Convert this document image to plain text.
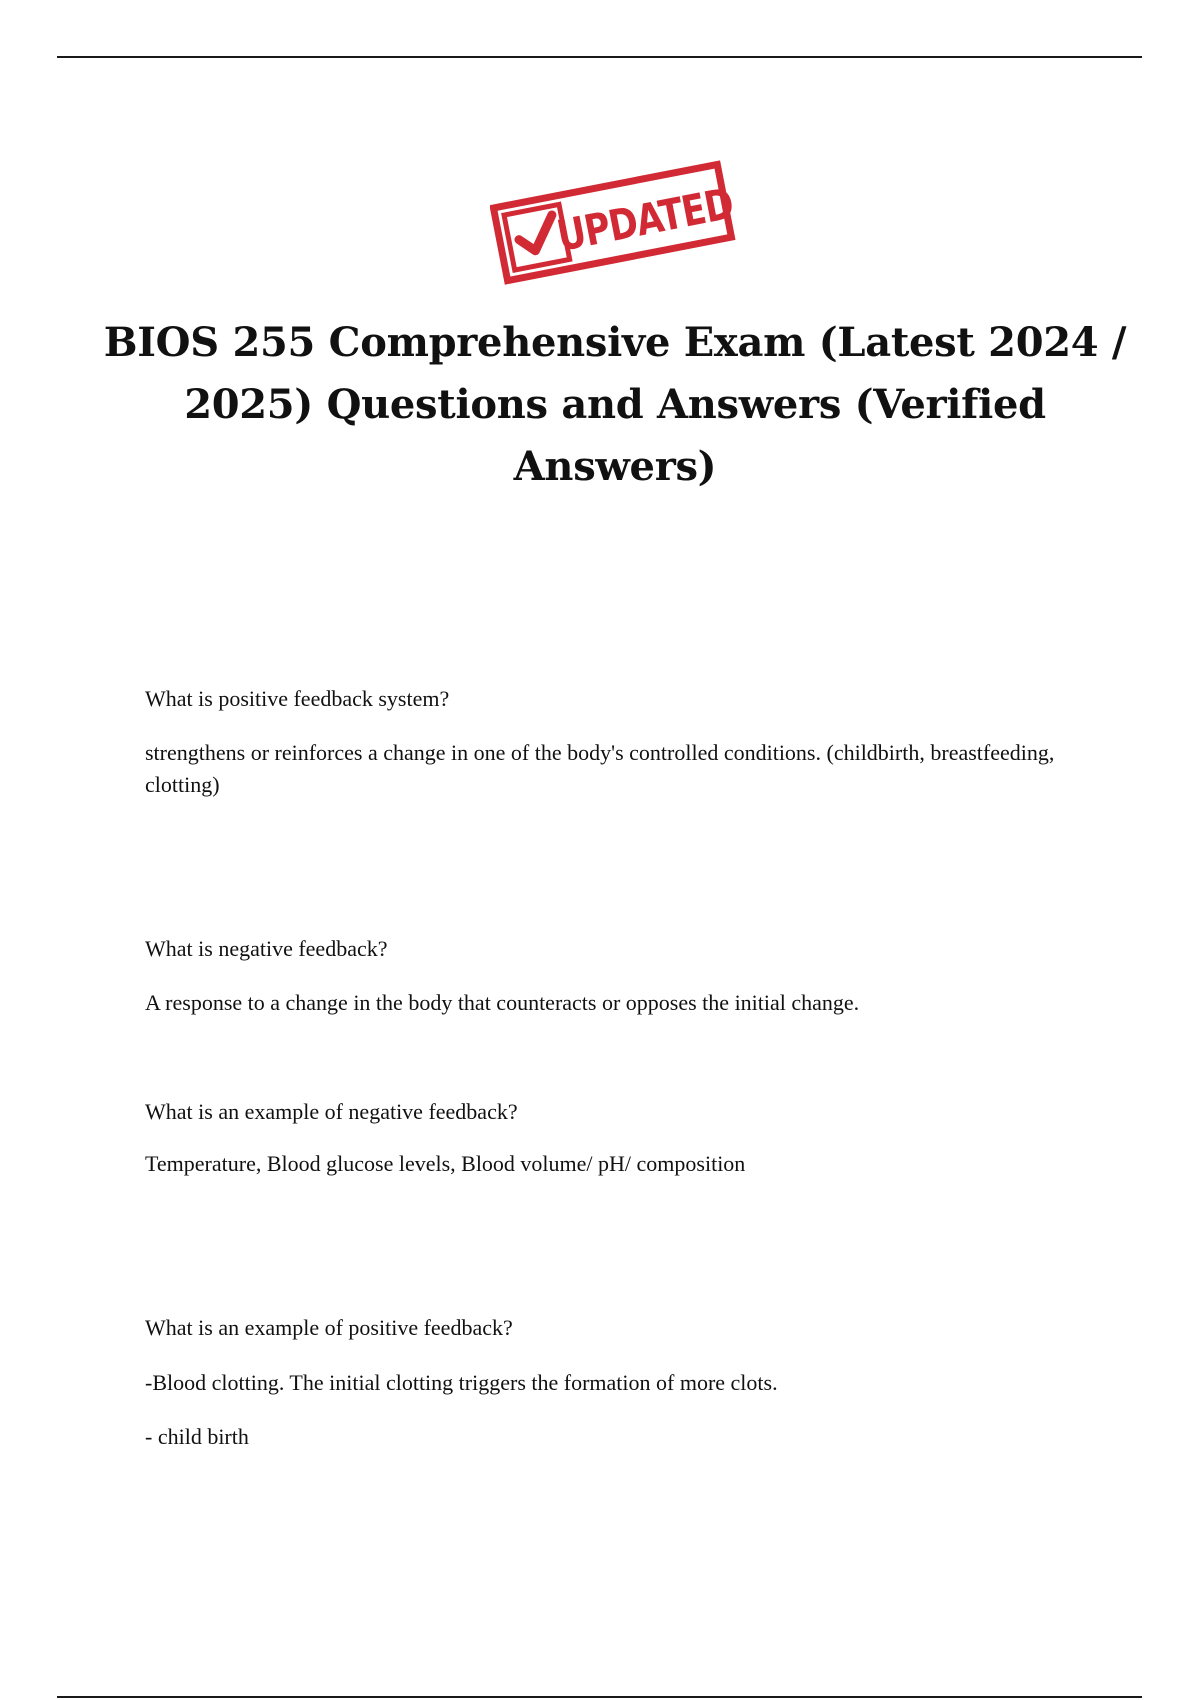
UPDATED
BIOS 255 Comprehensive Exam (Latest 2024 / 2025) Questions and Answers (Verified Answers)

What is positive feedback system?

strengthens or reinforces a change in one of the body's controlled conditions. (childbirth, breastfeeding, clotting)

What is negative feedback?

A response to a change in the body that counteracts or opposes the initial change.

What is an example of negative feedback?

Temperature, Blood glucose levels, Blood volume/ pH/ composition

What is an example of positive feedback?

-Blood clotting. The initial clotting triggers the formation of more clots.

- child birth
